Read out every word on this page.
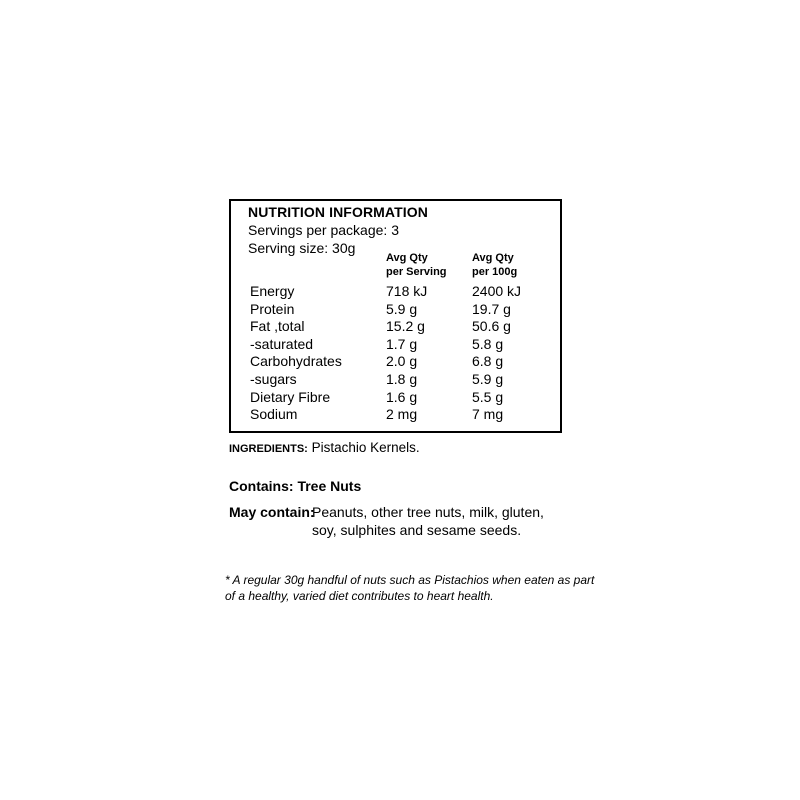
NUTRITION INFORMATION
Servings per package: 3
Serving size: 30g
Avg Qty
per Serving
Avg Qty
per 100g
Energy	718 kJ	2400 kJ
Protein	5.9 g	19.7 g
Fat ,total	15.2 g	50.6 g
-saturated	1.7 g	5.8 g
Carbohydrates	2.0 g	6.8 g
-sugars	1.8 g	5.9 g
Dietary Fibre	1.6 g	5.5 g
Sodium	2 mg	7 mg
INGREDIENTS: Pistachio Kernels.
Contains: Tree Nuts
May contain:
Peanuts, other tree nuts, milk, gluten, soy, sulphites and sesame seeds.
* A regular 30g handful of nuts such as Pistachios when eaten as part of a healthy, varied diet contributes to heart health.
